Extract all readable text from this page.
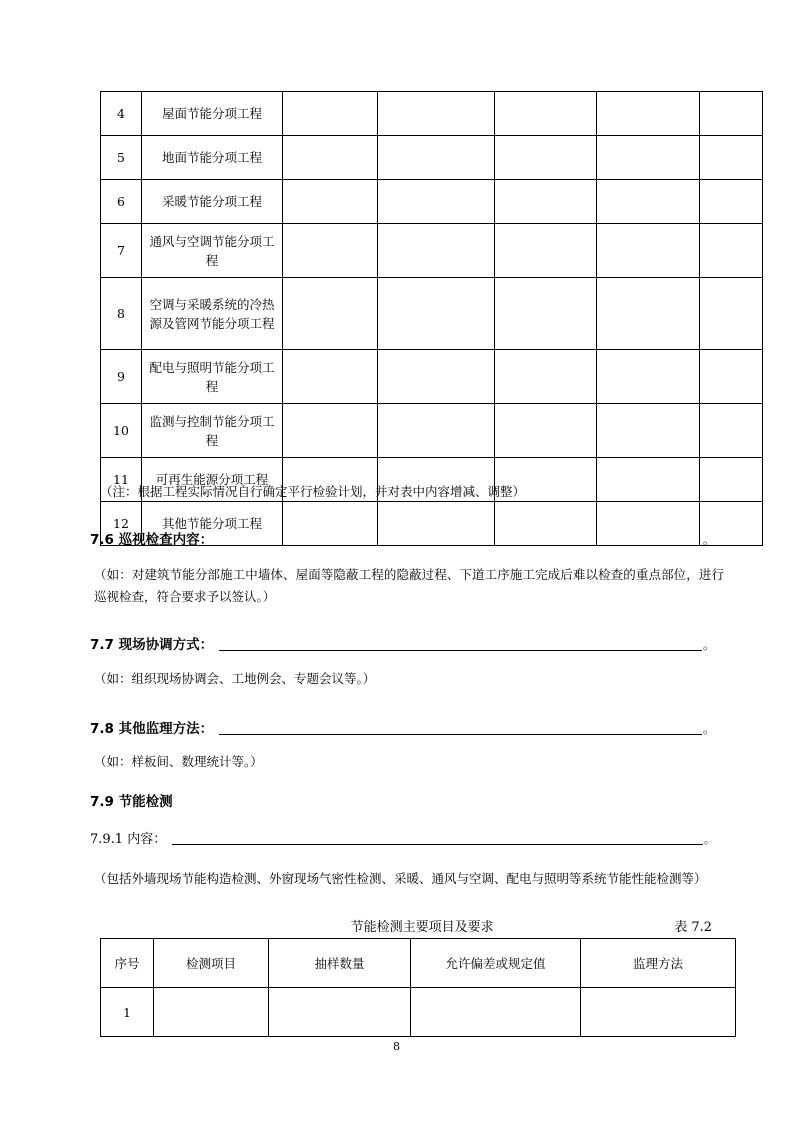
4	屋面节能分项工程					
5	地面节能分项工程					
6	采暖节能分项工程					
7	通风与空调节能分项工程					
8	空调与采暖系统的冷热源及管网节能分项工程					
9	配电与照明节能分项工程					
10	监测与控制节能分项工程					
11	可再生能源分项工程					
12	其他节能分项工程					
（注：根据工程实际情况自行确定平行检验计划，并对表中内容增减、调整）
7.6 巡视检查内容：	。
（如：对建筑节能分部施工中墙体、屋面等隐蔽工程的隐蔽过程、下道工序施工完成后难以检查的重点部位，进行巡视检查，符合要求予以签认。）
7.7 现场协调方式：	。
（如：组织现场协调会、工地例会、专题会议等。）
7.8 其他监理方法：	。
（如：样板间、数理统计等。）
7.9 节能检测
7.9.1 内容：	。
（包括外墙现场节能构造检测、外窗现场气密性检测、采暖、通风与空调、配电与照明等系统节能性能检测等）
节能检测主要项目及要求	表 7.2
序号	检测项目	抽样数量	允许偏差或规定值	监理方法
1				
8
